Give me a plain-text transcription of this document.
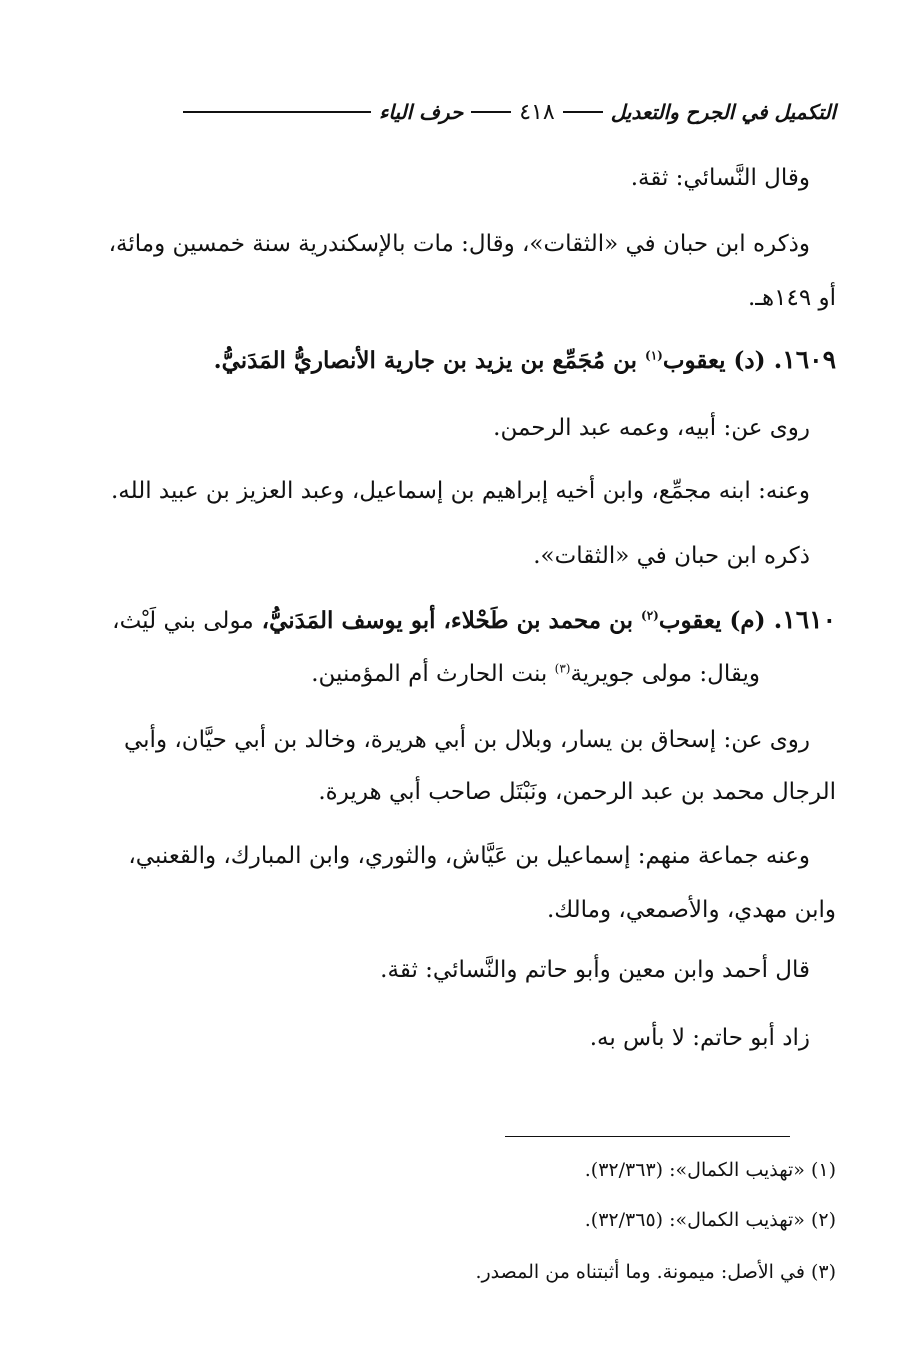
التكميل في الجرح والتعديل
٤١٨
حرف الياء
وقال النَّسائي: ثقة.
وذكره ابن حبان في «الثقات»، وقال: مات بالإسكندرية سنة خمسين ومائة،
أو ١٤٩هـ.
١٦٠٩. (د) يعقوب$^{(١)}$ بن مُجَمِّع بن يزيد بن جارية الأنصاريُّ المَدَنيُّ.
روى عن: أبيه، وعمه عبد الرحمن.
وعنه: ابنه مجمِّع، وابن أخيه إبراهيم بن إسماعيل، وعبد العزيز بن عبيد الله.
ذكره ابن حبان في «الثقات».
١٦١٠. (م) يعقوب$^{(٢)}$ بن محمد بن طَحْلاء، أبو يوسف المَدَنيُّ، مولى بني لَيْث،
ويقال: مولى جويرية$^{(٣)}$ بنت الحارث أم المؤمنين.
روى عن: إسحاق بن يسار، وبلال بن أبي هريرة، وخالد بن أبي حيَّان، وأبي
الرجال محمد بن عبد الرحمن، ونَبْتَل صاحب أبي هريرة.
وعنه جماعة منهم: إسماعيل بن عَيَّاش، والثوري، وابن المبارك، والقعنبي،
وابن مهدي، والأصمعي، ومالك.
قال أحمد وابن معين وأبو حاتم والنَّسائي: ثقة.
زاد أبو حاتم: لا بأس به.
(١) «تهذيب الكمال»: (٣٢/٣٦٣).
(٢) «تهذيب الكمال»: (٣٢/٣٦٥).
(٣) في الأصل: ميمونة. وما أثبتناه من المصدر.
